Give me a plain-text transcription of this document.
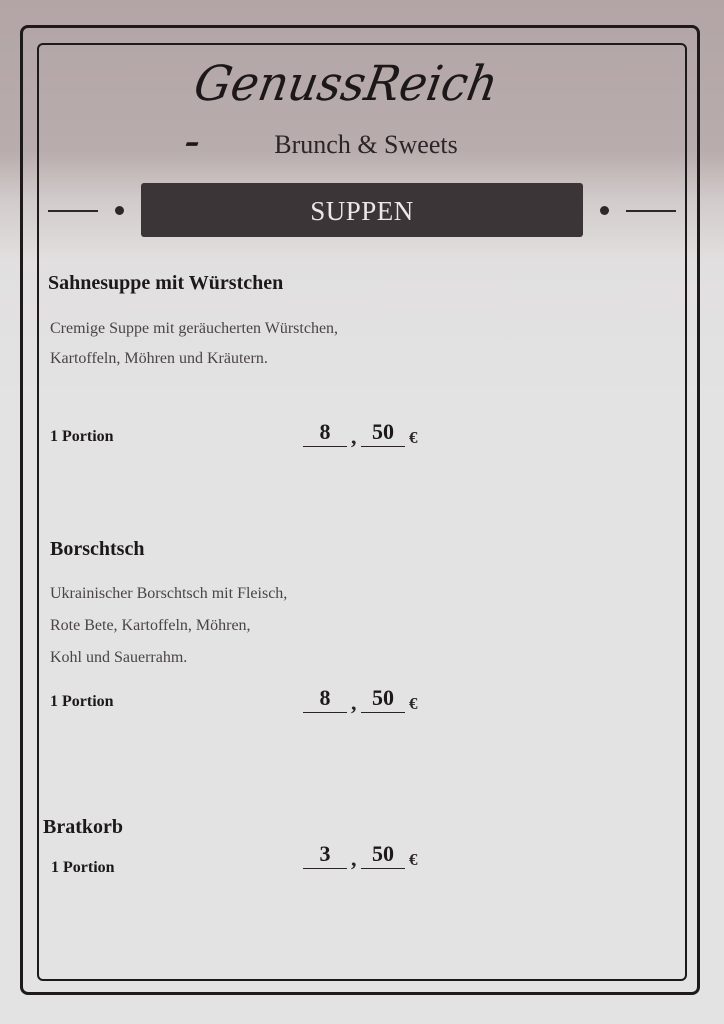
GenussReich -	Brunch & Sweets
SUPPEN
Sahnesuppe mit Würstchen
Cremige Suppe mit geräucherten Würstchen,
Kartoffeln, Möhren und Kräutern.
1 Portion	8 , 50 €
Borschtsch
Ukrainischer Borschtsch mit Fleisch,
Rote Bete, Kartoffeln, Möhren,
Kohl und Sauerrahm.
1 Portion	8 , 50 €
Bratkorb
1 Portion
3 , 50 €
